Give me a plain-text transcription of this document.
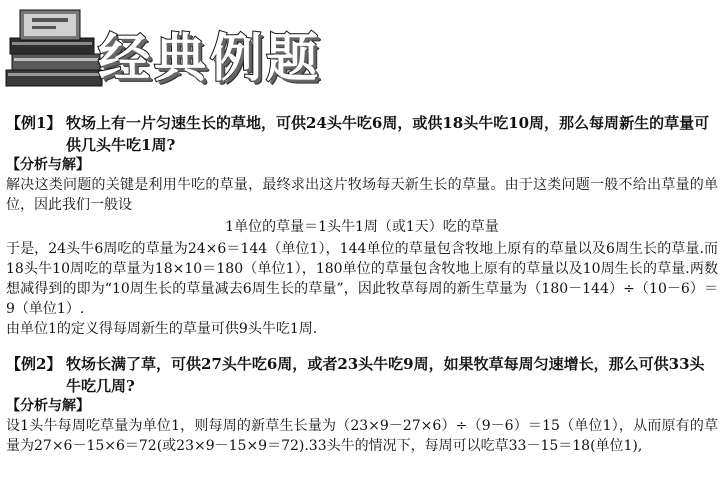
经典例题
【例1】 牧场上有一片匀速生长的草地，可供24头牛吃6周，或供18头牛吃10周，那么每周新生的草量可供几头牛吃1周?
【分析与解】

解决这类问题的关键是利用牛吃的草量，最终求出这片牧场每天新生长的草量。由于这类问题一般不给出草量的单位，因此我们一般设

1单位的草量＝1头牛1周（或1天）吃的草量

于是，24头牛6周吃的草量为24×6＝144（单位1），144单位的草量包含牧地上原有的草量以及6周生长的草量.而18头牛10周吃的草量为18×10＝180（单位1），180单位的草量包含牧地上原有的草量以及10周生长的草量.两数想减得到的即为“10周生长的草量减去6周生长的草量”，因此牧草每周的新生草量为（180－144）÷（10－6）＝9（单位1）.

由单位1的定义得每周新生的草量可供9头牛吃1周.

【例2】 牧场长满了草，可供27头牛吃6周，或者23头牛吃9周，如果牧草每周匀速增长，那么可供33头牛吃几周?
【分析与解】

设1头牛每周吃草量为单位1，则每周的新草生长量为（23×9－27×6）÷（9－6）＝15（单位1），从而原有的草量为27×6－15×6＝72(或23×9－15×9＝72).33头牛的情况下，每周可以吃草33－15＝18(单位1),
